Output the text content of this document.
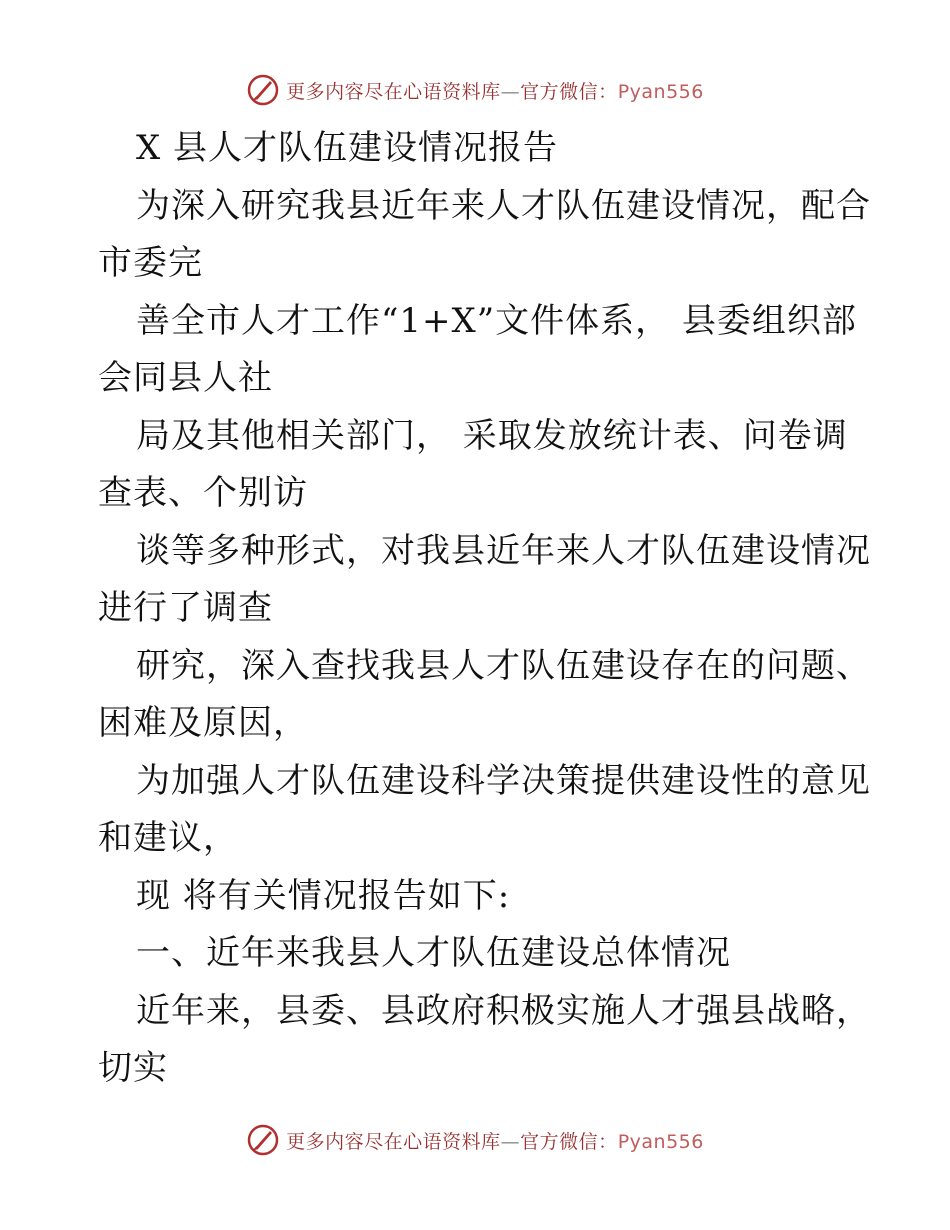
更多内容尽在心语资料库—官方微信：Pyan556
X 县人才队伍建设情况报告
为深入研究我县近年来人才队伍建设情况，配合
市委完
善全市人才工作“1+X”文件体系， 县委组织部
会同县人社
局及其他相关部门， 采取发放统计表、问卷调
查表、个别访
谈等多种形式，对我县近年来人才队伍建设情况
进行了调查
研究，深入查找我县人才队伍建设存在的问题、
困难及原因，
为加强人才队伍建设科学决策提供建设性的意见
和建议，
现 将有关情况报告如下:
一、近年来我县人才队伍建设总体情况
近年来，县委、县政府积极实施人才强县战略，
切实
更多内容尽在心语资料库—官方微信：Pyan556
